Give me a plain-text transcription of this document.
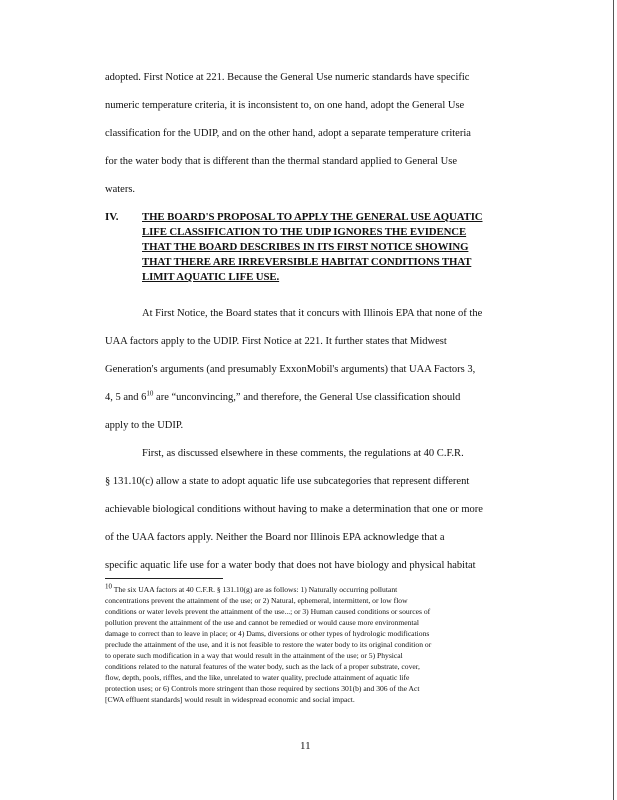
adopted. First Notice at 221. Because the General Use numeric standards have specific
numeric temperature criteria, it is inconsistent to, on one hand, adopt the General Use
classification for the UDIP, and on the other hand, adopt a separate temperature criteria
for the water body that is different than the thermal standard applied to General Use
waters.
IV. THE BOARD'S PROPOSAL TO APPLY THE GENERAL USE AQUATIC
LIFE CLASSIFICATION TO THE UDIP IGNORES THE EVIDENCE
THAT THE BOARD DESCRIBES IN ITS FIRST NOTICE SHOWING
THAT THERE ARE IRREVERSIBLE HABITAT CONDITIONS THAT
LIMIT AQUATIC LIFE USE.
At First Notice, the Board states that it concurs with Illinois EPA that none of the
UAA factors apply to the UDIP. First Notice at 221. It further states that Midwest
Generation's arguments (and presumably ExxonMobil's arguments) that UAA Factors 3,
4, 5 and $6^{10}$ are “unconvincing,” and therefore, the General Use classification should
apply to the UDIP.
First, as discussed elsewhere in these comments, the regulations at 40 C.F.R.
§ 131.10(c) allow a state to adopt aquatic life use subcategories that represent different
achievable biological conditions without having to make a determination that one or more
of the UAA factors apply. Neither the Board nor Illinois EPA acknowledge that a
specific aquatic life use for a water body that does not have biology and physical habitat
$^{10}$ The six UAA factors at 40 C.F.R. § 131.10(g) are as follows: 1) Naturally occurring pollutant
concentrations prevent the attainment of the use; or 2) Natural, ephemeral, intermittent, or low flow
conditions or water levels prevent the attainment of the use...; or 3) Human caused conditions or sources of
pollution prevent the attainment of the use and cannot be remedied or would cause more environmental
damage to correct than to leave in place; or 4) Dams, diversions or other types of hydrologic modifications
preclude the attainment of the use, and it is not feasible to restore the water body to its original condition or
to operate such modification in a way that would result in the attainment of the use; or 5) Physical
conditions related to the natural features of the water body, such as the lack of a proper substrate, cover,
flow, depth, pools, riffles, and the like, unrelated to water quality, preclude attainment of aquatic life
protection uses; or 6) Controls more stringent than those required by sections 301(b) and 306 of the Act
[CWA effluent standards] would result in widespread economic and social impact.
11
